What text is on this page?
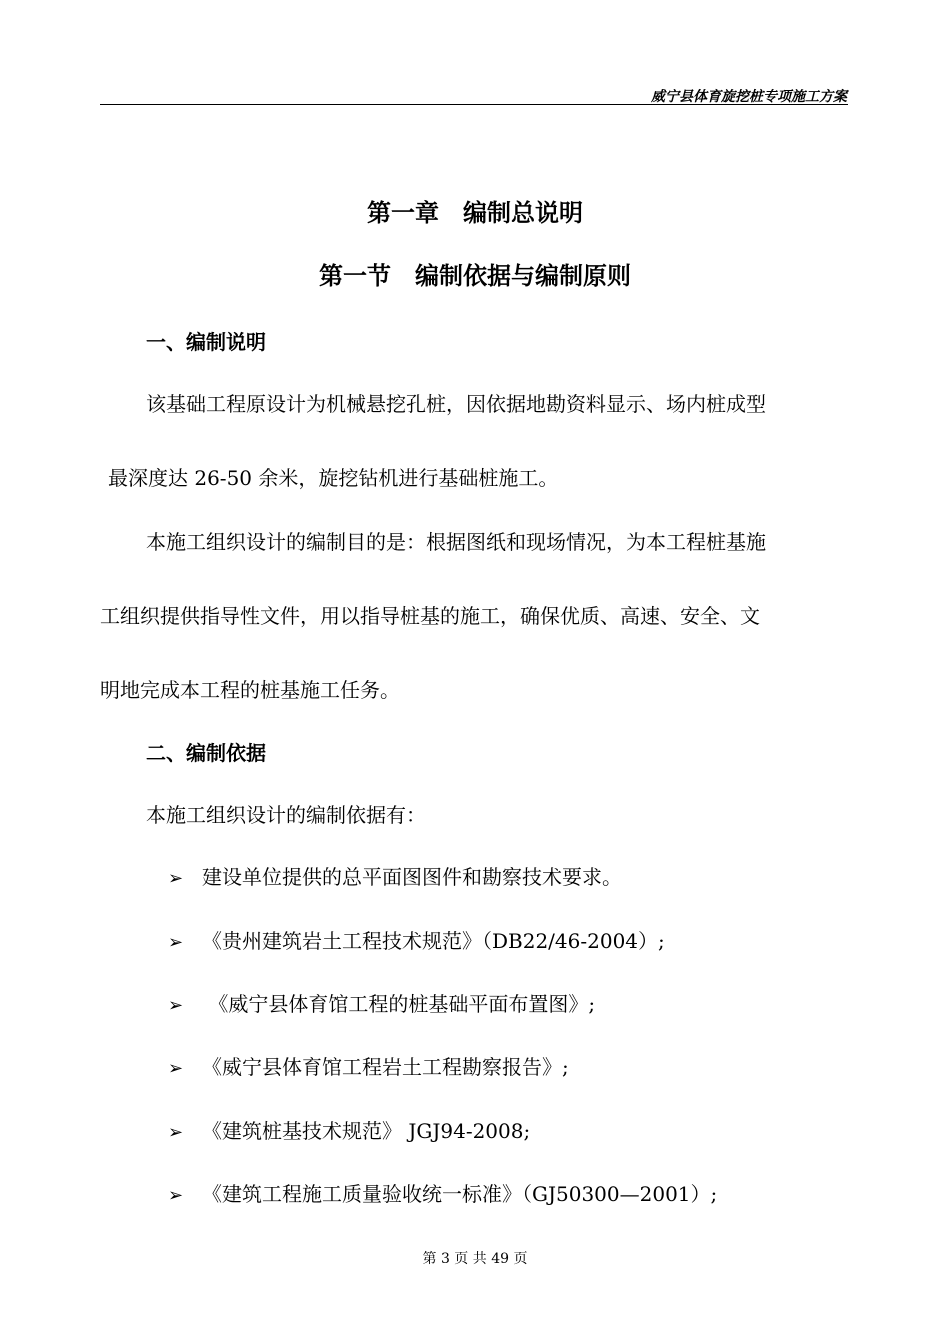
威宁县体育旋挖桩专项施工方案
第一章　编制总说明
第一节　编制依据与编制原则
一、编制说明
该基础工程原设计为机械悬挖孔桩，因依据地勘资料显示、场内桩成型
最深度达 26-50 余米，旋挖钻机进行基础桩施工。
本施工组织设计的编制目的是：根据图纸和现场情况，为本工程桩基施
工组织提供指导性文件，用以指导桩基的施工，确保优质、高速、安全、文
明地完成本工程的桩基施工任务。
二、编制依据
本施工组织设计的编制依据有：
➢ 建设单位提供的总平面图图件和勘察技术要求。
➢ 《贵州建筑岩土工程技术规范》（DB22/46-2004）;
➢ 《威宁县体育馆工程的桩基础平面布置图》;
➢ 《威宁县体育馆工程岩土工程勘察报告》;
➢ 《建筑桩基技术规范》 JGJ94-2008;
➢ 《建筑工程施工质量验收统一标准》（GJ50300—2001）;
第 3 页 共 49 页
